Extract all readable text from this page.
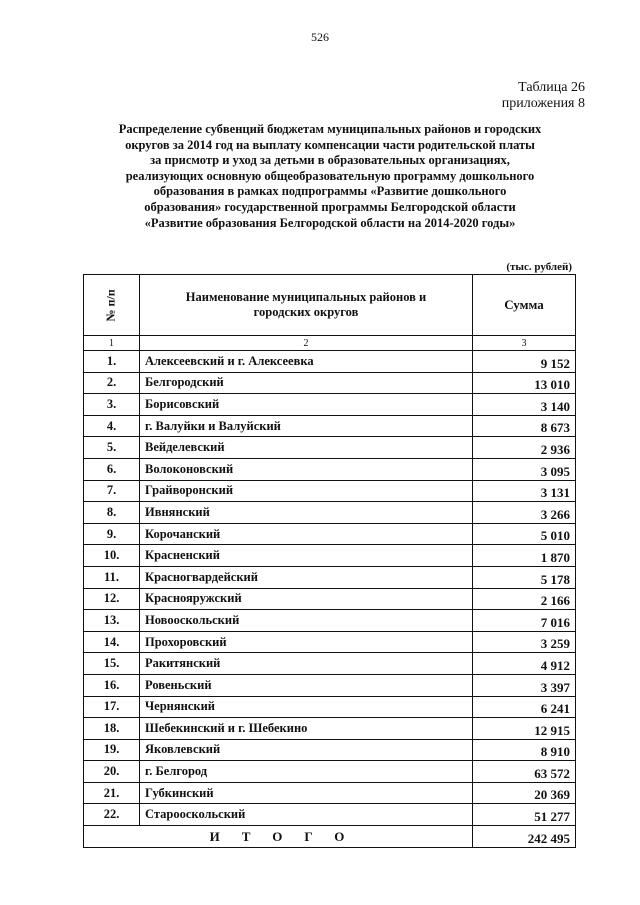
526
Таблица 26
приложения 8
Распределение субвенций бюджетам муниципальных районов и городских
округов за 2014 год на выплату компенсации части родительской платы
за присмотр и уход за детьми в образовательных организациях,
реализующих основную общеобразовательную программу дошкольного
образования в рамках подпрограммы «Развитие дошкольного
образования» государственной программы Белгородской области
«Развитие образования Белгородской области на 2014-2020 годы»
(тыс. рублей)
№ п/п	Наименование муниципальных районов и городских округов	Сумма
1	2	3
1.	Алексеевский и г. Алексеевка	9 152
2.	Белгородский	13 010
3.	Борисовский	3 140
4.	г. Валуйки и Валуйский	8 673
5.	Вейделевский	2 936
6.	Волоконовский	3 095
7.	Грайворонский	3 131
8.	Ивнянский	3 266
9.	Корочанский	5 010
10.	Красненский	1 870
11.	Красногвардейский	5 178
12.	Краснояружский	2 166
13.	Новооскольский	7 016
14.	Прохоровский	3 259
15.	Ракитянский	4 912
16.	Ровеньский	3 397
17.	Чернянский	6 241
18.	Шебекинский и г. Шебекино	12 915
19.	Яковлевский	8 910
20.	г. Белгород	63 572
21.	Губкинский	20 369
22.	Старооскольский	51 277
ИТОГО		242 495
